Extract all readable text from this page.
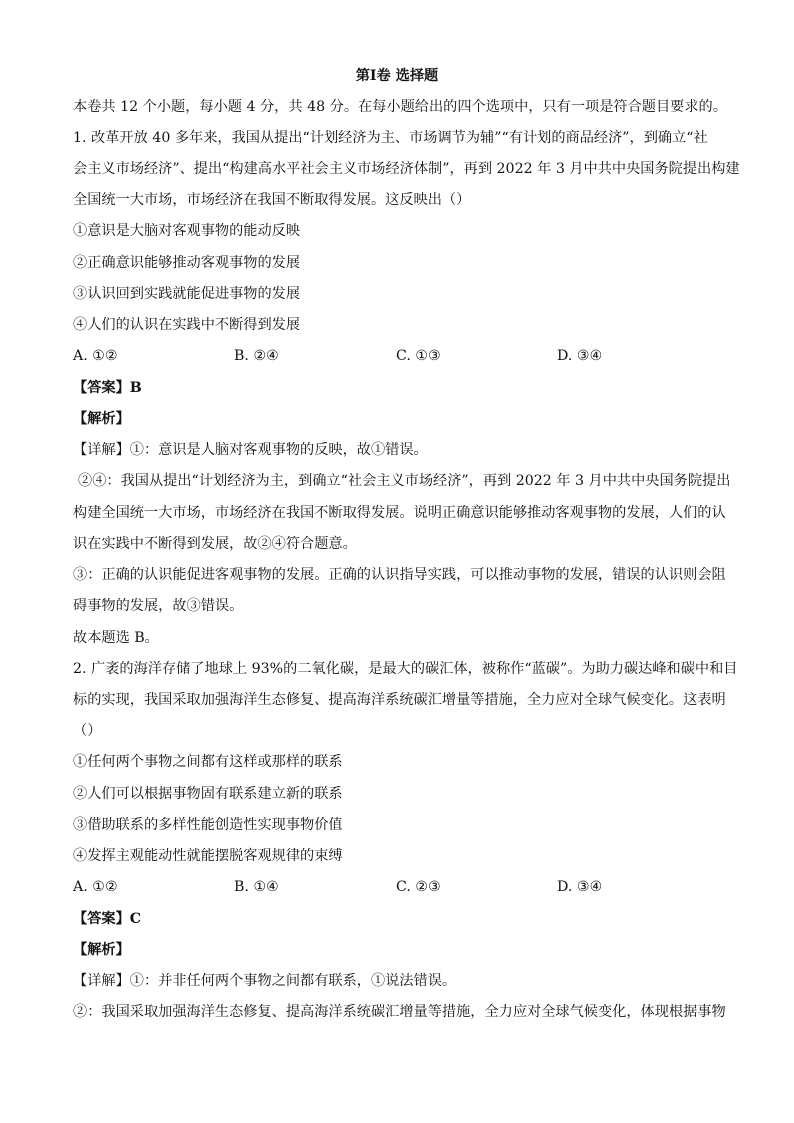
第Ⅰ卷 选择题
本卷共 12 个小题，每小题 4 分，共 48 分。在每小题给出的四个选项中，只有一项是符合题目要求的。
1. 改革开放 40 多年来，我国从提出“计划经济为主、市场调节为辅”“有计划的商品经济”，到确立“社
会主义市场经济”、提出“构建高水平社会主义市场经济体制”，再到 2022 年 3 月中共中央国务院提出构建
全国统一大市场，市场经济在我国不断取得发展。这反映出（）
①意识是大脑对客观事物的能动反映
②正确意识能够推动客观事物的发展
③认识回到实践就能促进事物的发展
④人们的认识在实践中不断得到发展
A. ①②	B. ②④	C. ①③	D. ③④
【答案】B
【解析】
【详解】①：意识是人脑对客观事物的反映，故①错误。
②④：我国从提出“计划经济为主，到确立“社会主义市场经济”，再到 2022 年 3 月中共中央国务院提出
构建全国统一大市场，市场经济在我国不断取得发展。说明正确意识能够推动客观事物的发展，人们的认
识在实践中不断得到发展，故②④符合题意。
③：正确的认识能促进客观事物的发展。正确的认识指导实践，可以推动事物的发展，错误的认识则会阻
碍事物的发展，故③错误。
故本题选 B。
2. 广袤的海洋存储了地球上 93%的二氧化碳，是最大的碳汇体，被称作“蓝碳”。为助力碳达峰和碳中和目
标的实现，我国采取加强海洋生态修复、提高海洋系统碳汇增量等措施，全力应对全球气候变化。这表明
（）
①任何两个事物之间都有这样或那样的联系
②人们可以根据事物固有联系建立新的联系
③借助联系的多样性能创造性实现事物价值
④发挥主观能动性就能摆脱客观规律的束缚
A. ①②	B. ①④	C. ②③	D. ③④
【答案】C
【解析】
【详解】①：并非任何两个事物之间都有联系，①说法错误。
②：我国采取加强海洋生态修复、提高海洋系统碳汇增量等措施，全力应对全球气候变化，体现根据事物
